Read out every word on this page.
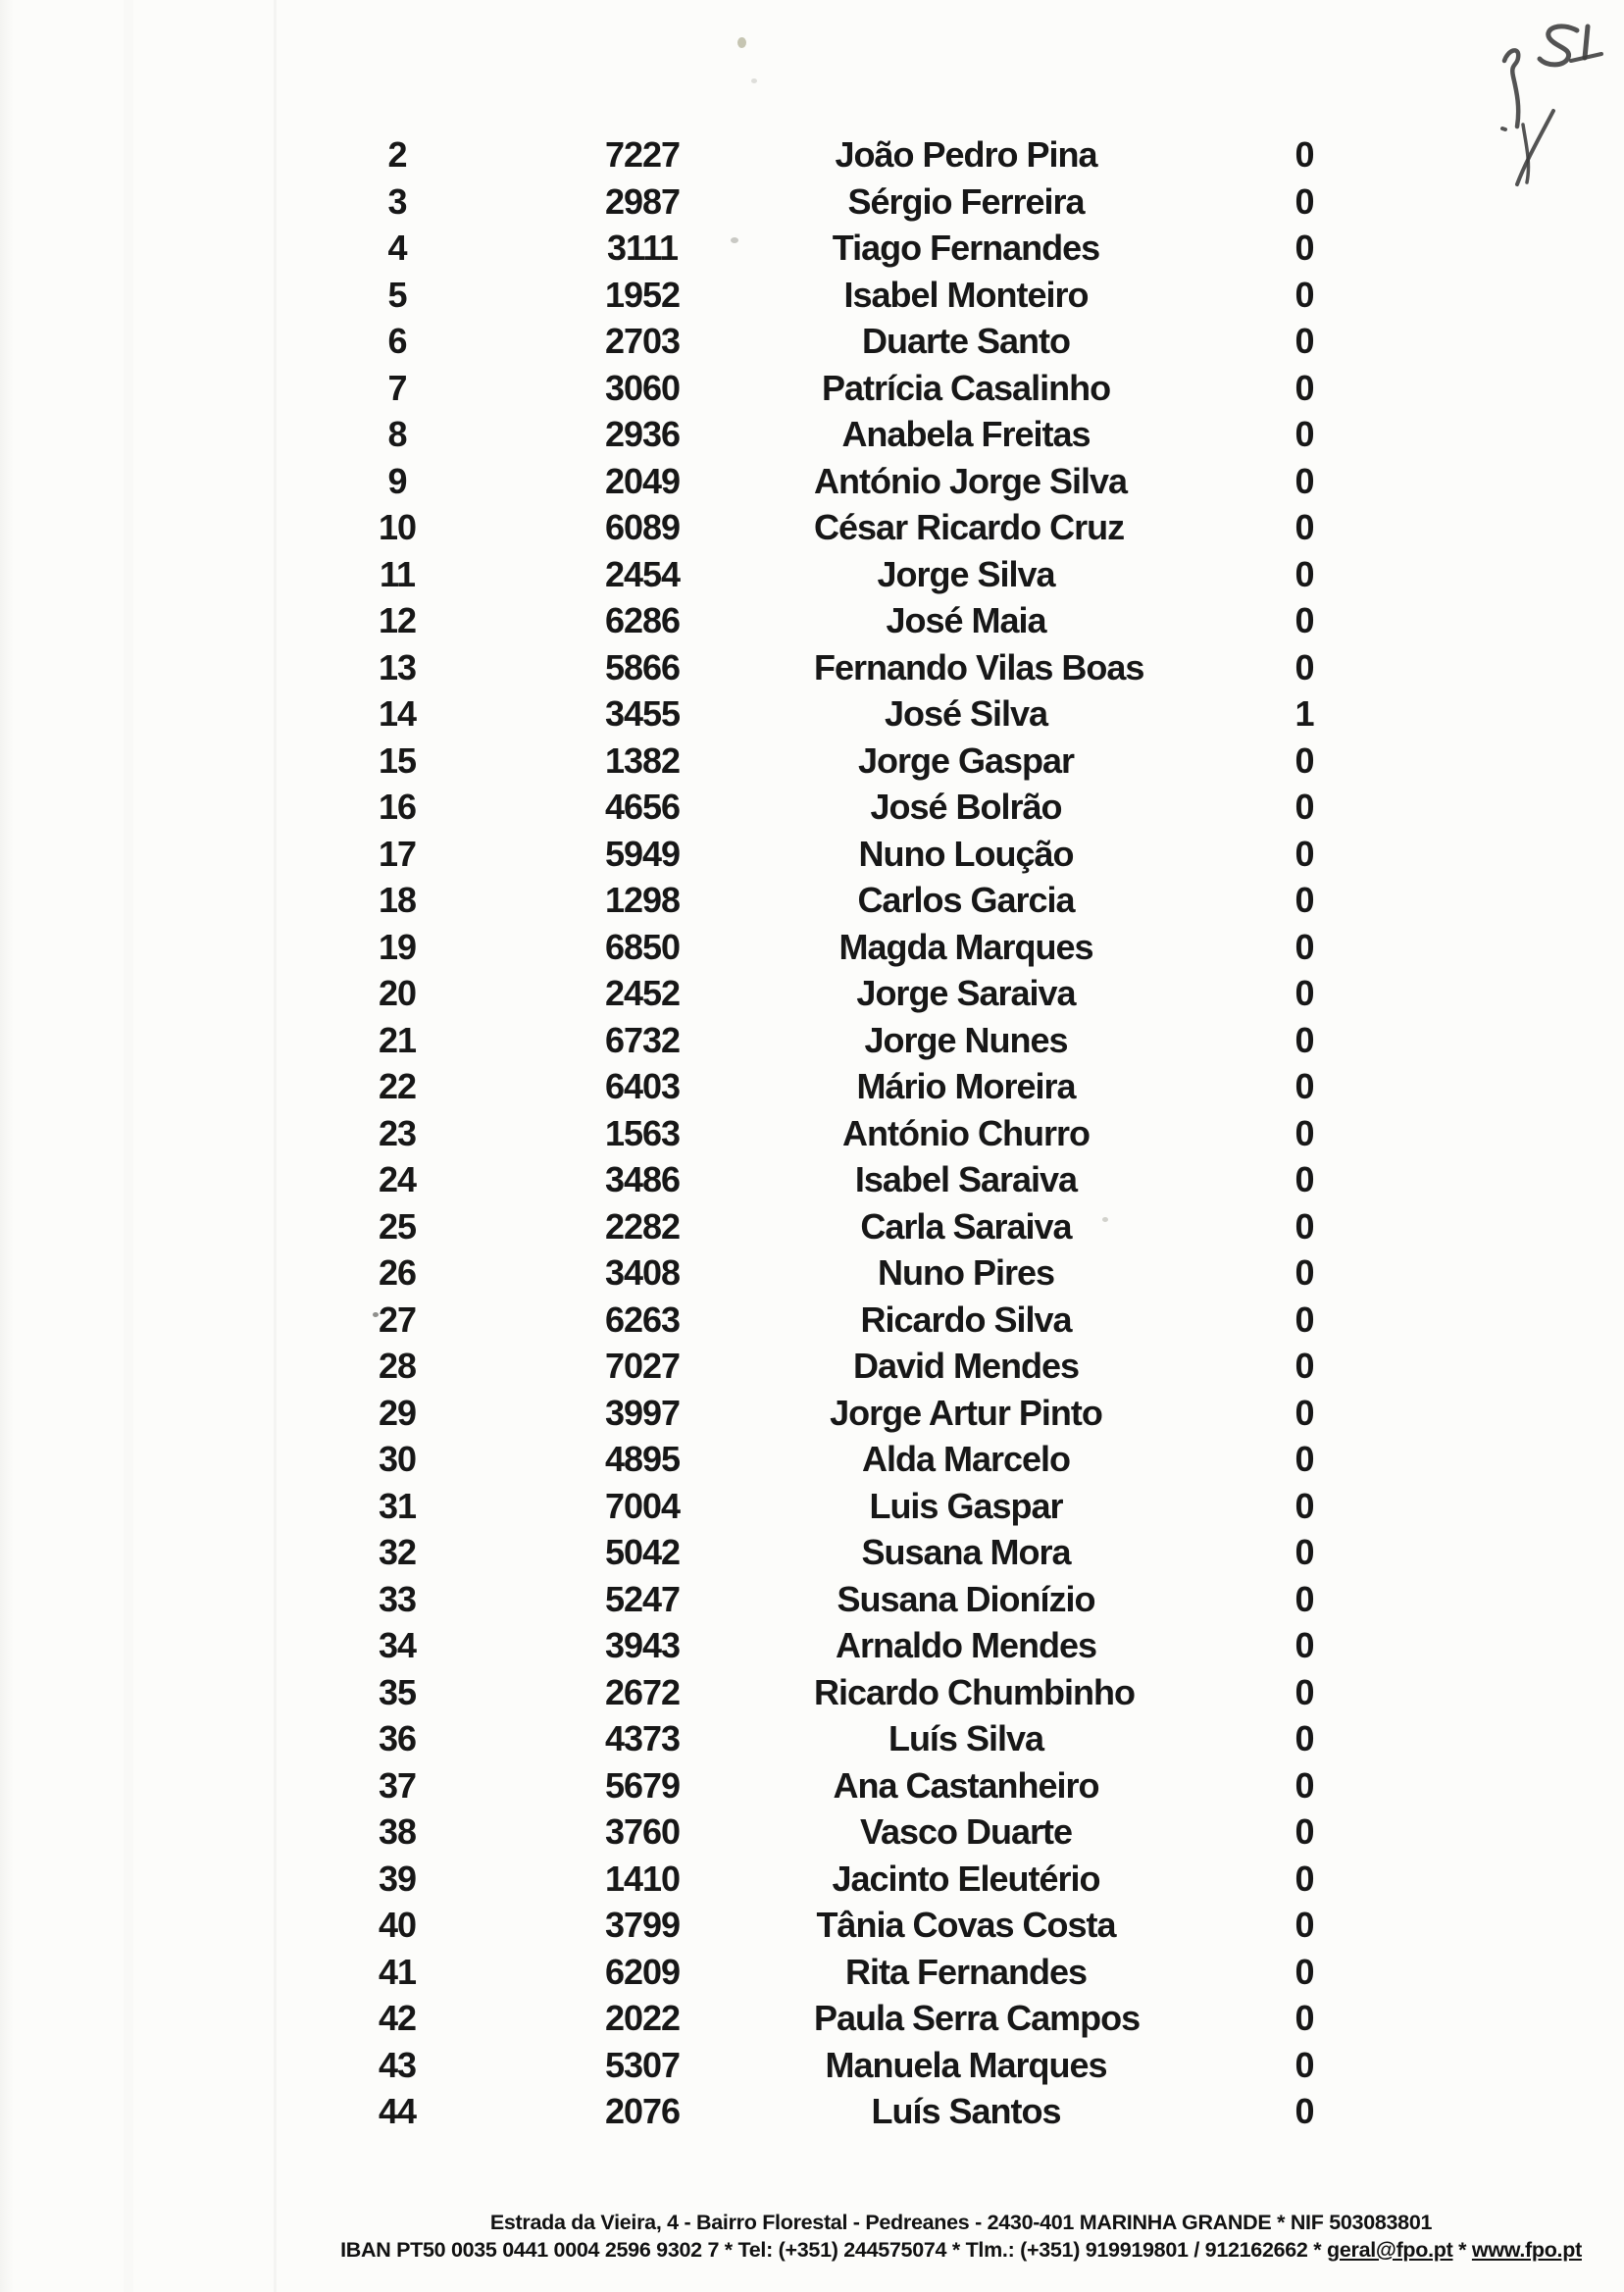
2	7227	João Pedro Pina	0
3	2987	Sérgio Ferreira	0
4	3111	Tiago Fernandes	0
5	1952	Isabel Monteiro	0
6	2703	Duarte Santo	0
7	3060	Patrícia Casalinho	0
8	2936	Anabela Freitas	0
9	2049	António Jorge Silva	0
10	6089	César Ricardo Cruz	0
11	2454	Jorge Silva	0
12	6286	José Maia	0
13	5866	Fernando Vilas Boas	0
14	3455	José Silva	1
15	1382	Jorge Gaspar	0
16	4656	José Bolrão	0
17	5949	Nuno Loução	0
18	1298	Carlos Garcia	0
19	6850	Magda Marques	0
20	2452	Jorge Saraiva	0
21	6732	Jorge Nunes	0
22	6403	Mário Moreira	0
23	1563	António Churro	0
24	3486	Isabel Saraiva	0
25	2282	Carla Saraiva	0
26	3408	Nuno Pires	0
27	6263	Ricardo Silva	0
28	7027	David Mendes	0
29	3997	Jorge Artur Pinto	0
30	4895	Alda Marcelo	0
31	7004	Luis Gaspar	0
32	5042	Susana Mora	0
33	5247	Susana Dionízio	0
34	3943	Arnaldo Mendes	0
35	2672	Ricardo Chumbinho	0
36	4373	Luís Silva	0
37	5679	Ana Castanheiro	0
38	3760	Vasco Duarte	0
39	1410	Jacinto Eleutério	0
40	3799	Tânia Covas Costa	0
41	6209	Rita Fernandes	0
42	2022	Paula Serra Campos	0
43	5307	Manuela Marques	0
44	2076	Luís Santos	0
Estrada da Vieira, 4 - Bairro Florestal - Pedreanes - 2430-401 MARINHA GRANDE * NIF 503083801
IBAN PT50 0035 0441 0004 2596 9302 7 * Tel: (+351) 244575074 * Tlm.: (+351) 919919801 / 912162662 * geral@fpo.pt * www.fpo.pt
